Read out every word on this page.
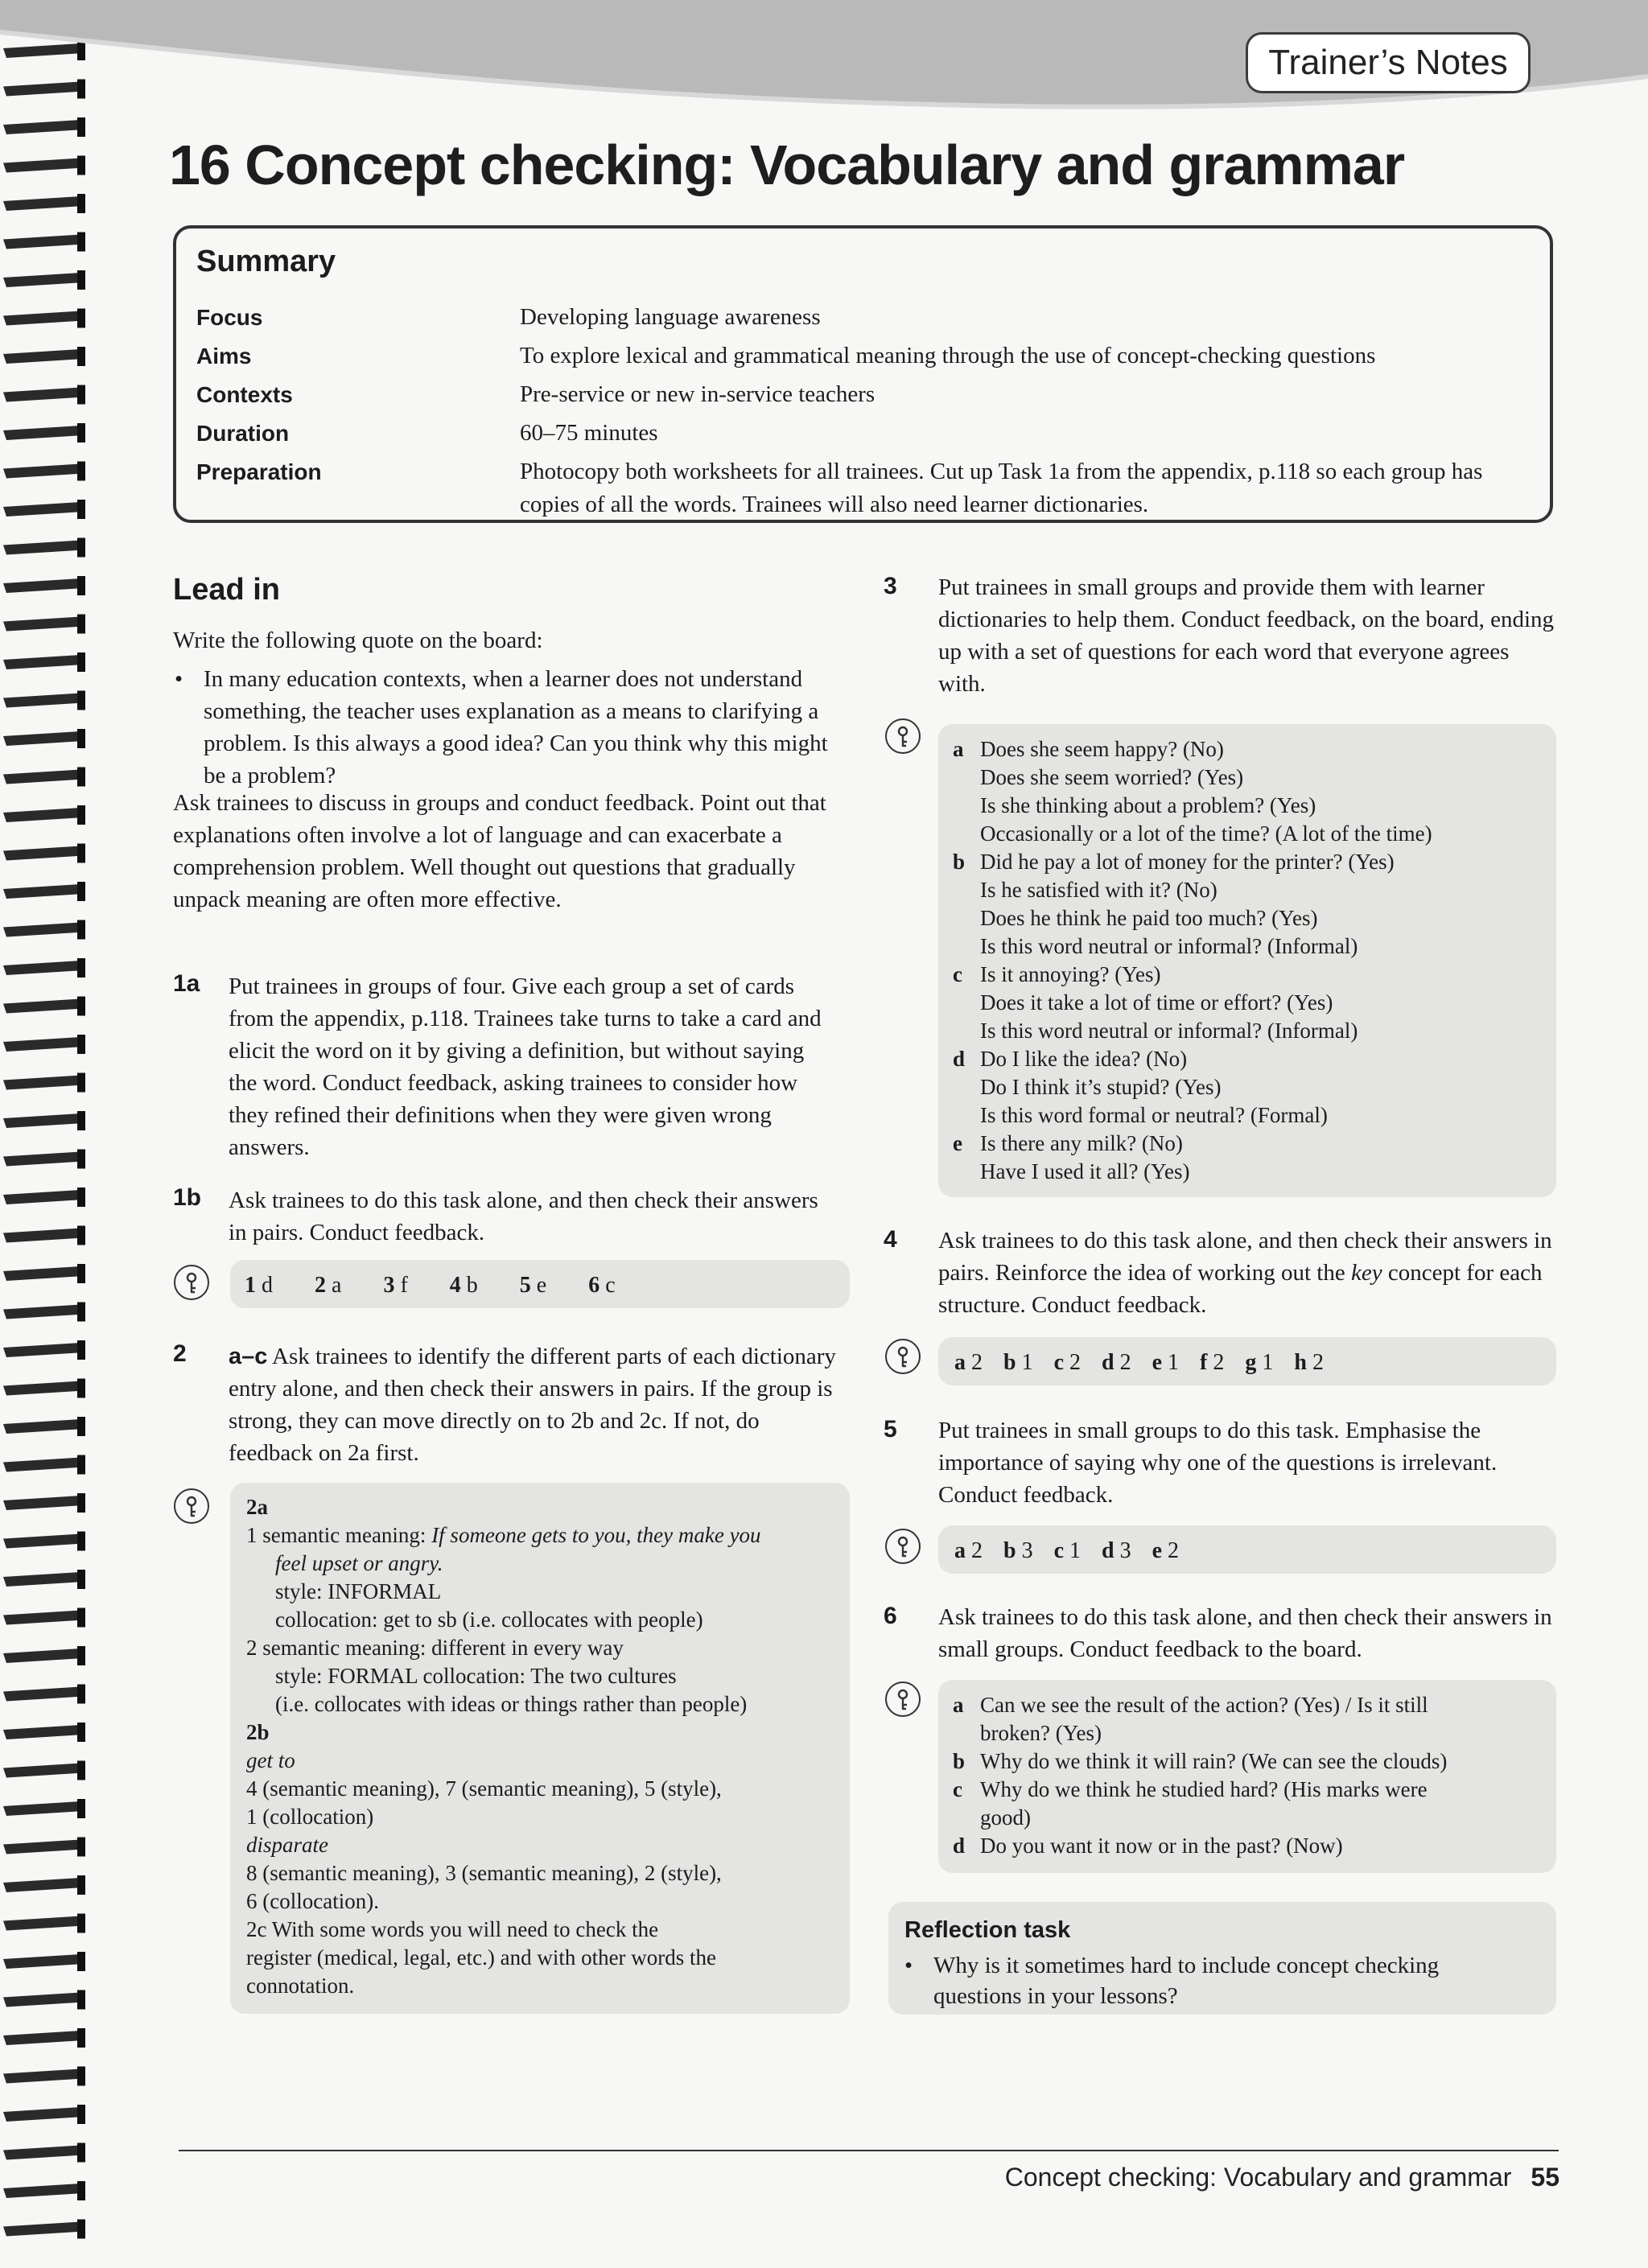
Trainer’s Notes
16 Concept checking: Vocabulary and grammar
Summary
Focus	Developing language awareness
Aims	To explore lexical and grammatical meaning through the use of concept-checking questions
Contexts	Pre-service or new in-service teachers
Duration	60–75 minutes
Preparation	Photocopy both worksheets for all trainees. Cut up Task 1a from the appendix, p.118 so each group has copies of all the words. Trainees will also need learner dictionaries.
Lead in

Write the following quote on the board:

• In many education contexts, when a learner does not understand something, the teacher uses explanation as a means to clarifying a problem. Is this always a good idea? Can you think why this might be a problem?

Ask trainees to discuss in groups and conduct feedback. Point out that explanations often involve a lot of language and can exacerbate a comprehension problem. Well thought out questions that gradually unpack meaning are often more effective.

1a Put trainees in groups of four. Give each group a set of cards from the appendix, p.118. Trainees take turns to take a card and elicit the word on it by giving a definition, but without saying the word. Conduct feedback, asking trainees to consider how they refined their definitions when they were given wrong answers.

1b Ask trainees to do this task alone, and then check their answers in pairs. Conduct feedback.

1 d	2 a	3 f	4 b	5 e	6 c
2 a–c Ask trainees to identify the different parts of each dictionary entry alone, and then check their answers in pairs. If the group is strong, they can move directly on to 2b and 2c. If not, do feedback on 2a first.

2a
1 semantic meaning: If someone gets to you, they make you
feel upset or angry.
style: INFORMAL
collocation: get to sb (i.e. collocates with people)
2 semantic meaning: different in every way
style: FORMAL collocation: The two cultures
(i.e. collocates with ideas or things rather than people)
2b
get to
4 (semantic meaning), 7 (semantic meaning), 5 (style),
1 (collocation)
disparate
8 (semantic meaning), 3 (semantic meaning), 2 (style),
6 (collocation).
2c With some words you will need to check the
register (medical, legal, etc.) and with other words the
connotation.
3 Put trainees in small groups and provide them with learner dictionaries to help them. Conduct feedback, on the board, ending up with a set of questions for each word that everyone agrees with.

a Does she seem happy? (No)
Does she seem worried? (Yes)
Is she thinking about a problem? (Yes)
Occasionally or a lot of the time? (A lot of the time)
b Did he pay a lot of money for the printer? (Yes)
Is he satisfied with it? (No)
Does he think he paid too much? (Yes)
Is this word neutral or informal? (Informal)
c Is it annoying? (Yes)
Does it take a lot of time or effort? (Yes)
Is this word neutral or informal? (Informal)
d Do I like the idea? (No)
Do I think it’s stupid? (Yes)
Is this word formal or neutral? (Formal)
e Is there any milk? (No)
Have I used it all? (Yes)
4 Ask trainees to do this task alone, and then check their answers in pairs. Reinforce the idea of working out the key concept for each structure. Conduct feedback.

a 2 b 1 c 2 d 2 e 1 f 2 g 1 h 2
5 Put trainees in small groups to do this task. Emphasise the importance of saying why one of the questions is irrelevant. Conduct feedback.

a 2 b 3 c 1 d 3 e 2
6 Ask trainees to do this task alone, and then check their answers in small groups. Conduct feedback to the board.

a Can we see the result of the action? (Yes) / Is it still
broken? (Yes)
b Why do we think it will rain? (We can see the clouds)
c Why do we think he studied hard? (His marks were
good)
d Do you want it now or in the past? (Now)
Reflection task
• Why is it sometimes hard to include concept checking questions in your lessons?
Concept checking: Vocabulary and grammar 55
